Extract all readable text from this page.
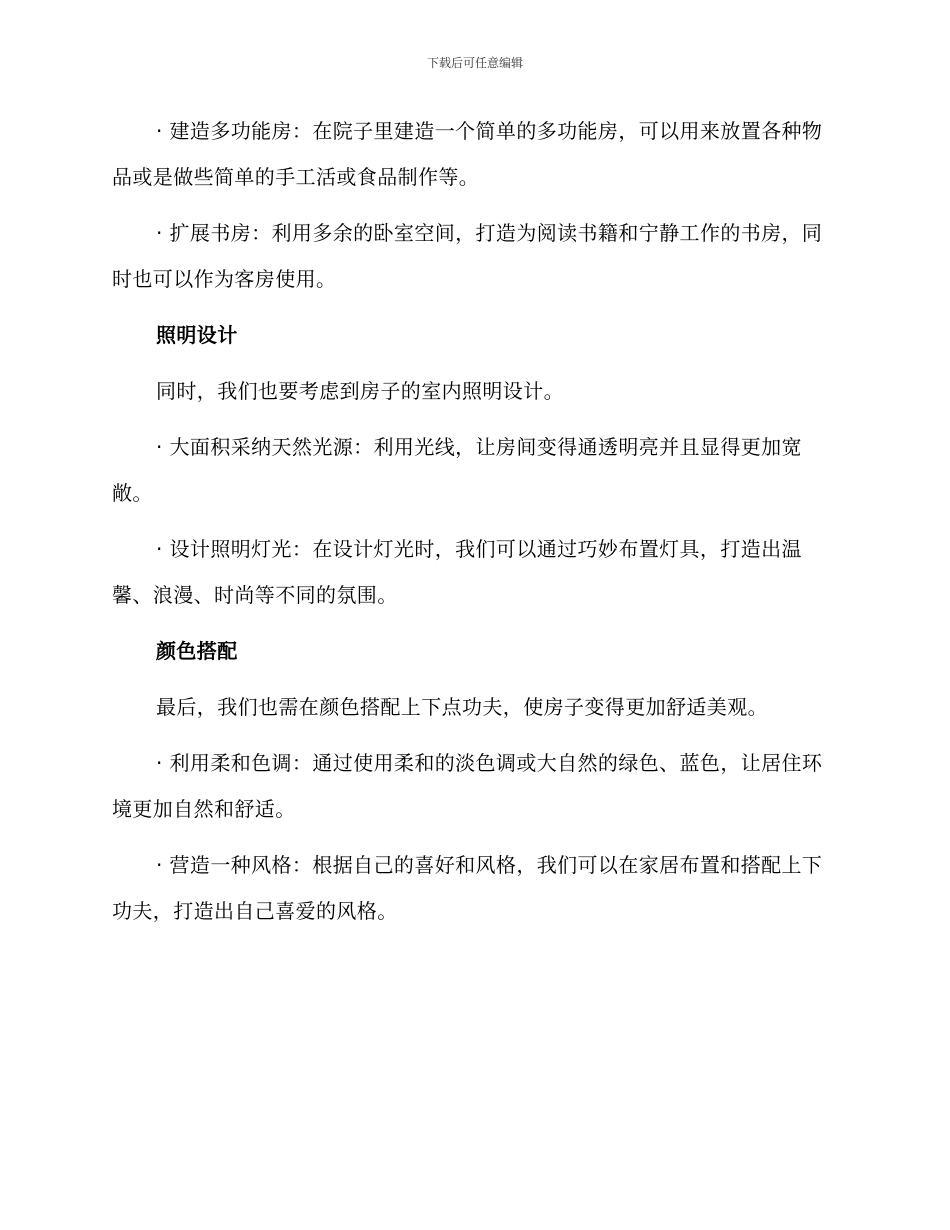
下载后可任意编辑

· 建造多功能房：在院子里建造一个简单的多功能房，可以用来放置各种物品或是做些简单的手工活或食品制作等。

· 扩展书房：利用多余的卧室空间，打造为阅读书籍和宁静工作的书房，同时也可以作为客房使用。

照明设计

同时，我们也要考虑到房子的室内照明设计。

· 大面积采纳天然光源：利用光线，让房间变得通透明亮并且显得更加宽敞。

· 设计照明灯光：在设计灯光时，我们可以通过巧妙布置灯具，打造出温馨、浪漫、时尚等不同的氛围。

颜色搭配

最后，我们也需在颜色搭配上下点功夫，使房子变得更加舒适美观。

· 利用柔和色调：通过使用柔和的淡色调或大自然的绿色、蓝色，让居住环境更加自然和舒适。

· 营造一种风格：根据自己的喜好和风格，我们可以在家居布置和搭配上下功夫，打造出自己喜爱的风格。
